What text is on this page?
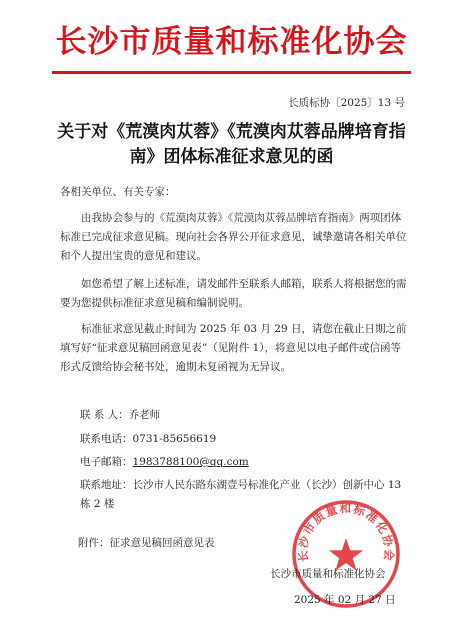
长沙市质量和标准化协会
长质标协〔2025〕13 号
关于对《荒漠肉苁蓉》《荒漠肉苁蓉品牌培育指
南》团体标准征求意见的函
各相关单位、有关专家：
由我协会参与的《荒漠肉苁蓉》《荒漠肉苁蓉品牌培育指南》两项团体标准已完成征求意见稿。现向社会各界公开征求意见，诚挚邀请各相关单位和个人提出宝贵的意见和建议。
如您希望了解上述标准，请发邮件至联系人邮箱，联系人将根据您的需要为您提供标准征求意见稿和编制说明。
标准征求意见截止时间为 2025 年 03 月 29 日，请您在截止日期之前填写好“征求意见稿回函意见表”（见附件 1），将意见以电子邮件或信函等形式反馈给协会秘书处，逾期未复函视为无异议。
联 系 人：乔老师
联系电话：0731-85656619
电子邮箱：1983788100@qq.com
联系地址：长沙市人民东路东湖壹号标准化产业（长沙）创新中心 13 栋 2 楼
附件：征求意见稿回函意见表
长沙市质量和标准化协会
长沙市质量和标准化协会
2025 年 02 月 27 日
